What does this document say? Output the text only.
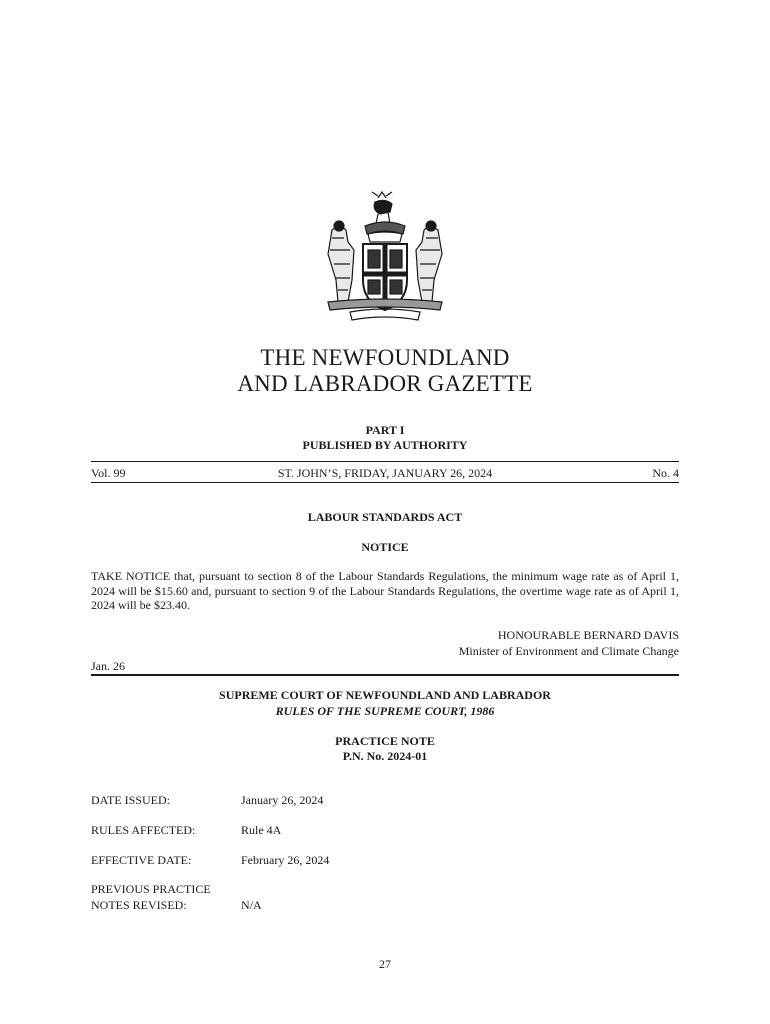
THE NEWFOUNDLAND
AND LABRADOR GAZETTE
PART I
PUBLISHED BY AUTHORITY
Vol. 99	ST. JOHN’S, FRIDAY, JANUARY 26, 2024	No. 4
LABOUR STANDARDS ACT
NOTICE
TAKE NOTICE that, pursuant to section 8 of the Labour Standards Regulations, the minimum wage rate as of April 1, 2024 will be $15.60 and, pursuant to section 9 of the Labour Standards Regulations, the overtime wage rate as of April 1, 2024 will be $23.40.
HONOURABLE BERNARD DAVIS
Minister of Environment and Climate Change
Jan. 26
SUPREME COURT OF NEWFOUNDLAND AND LABRADOR
RULES OF THE SUPREME COURT, 1986
PRACTICE NOTE
P.N. No. 2024-01
DATE ISSUED:	January 26, 2024
RULES AFFECTED:	Rule 4A
EFFECTIVE DATE:	February 26, 2024
PREVIOUS PRACTICE
NOTES REVISED:	N/A
27
